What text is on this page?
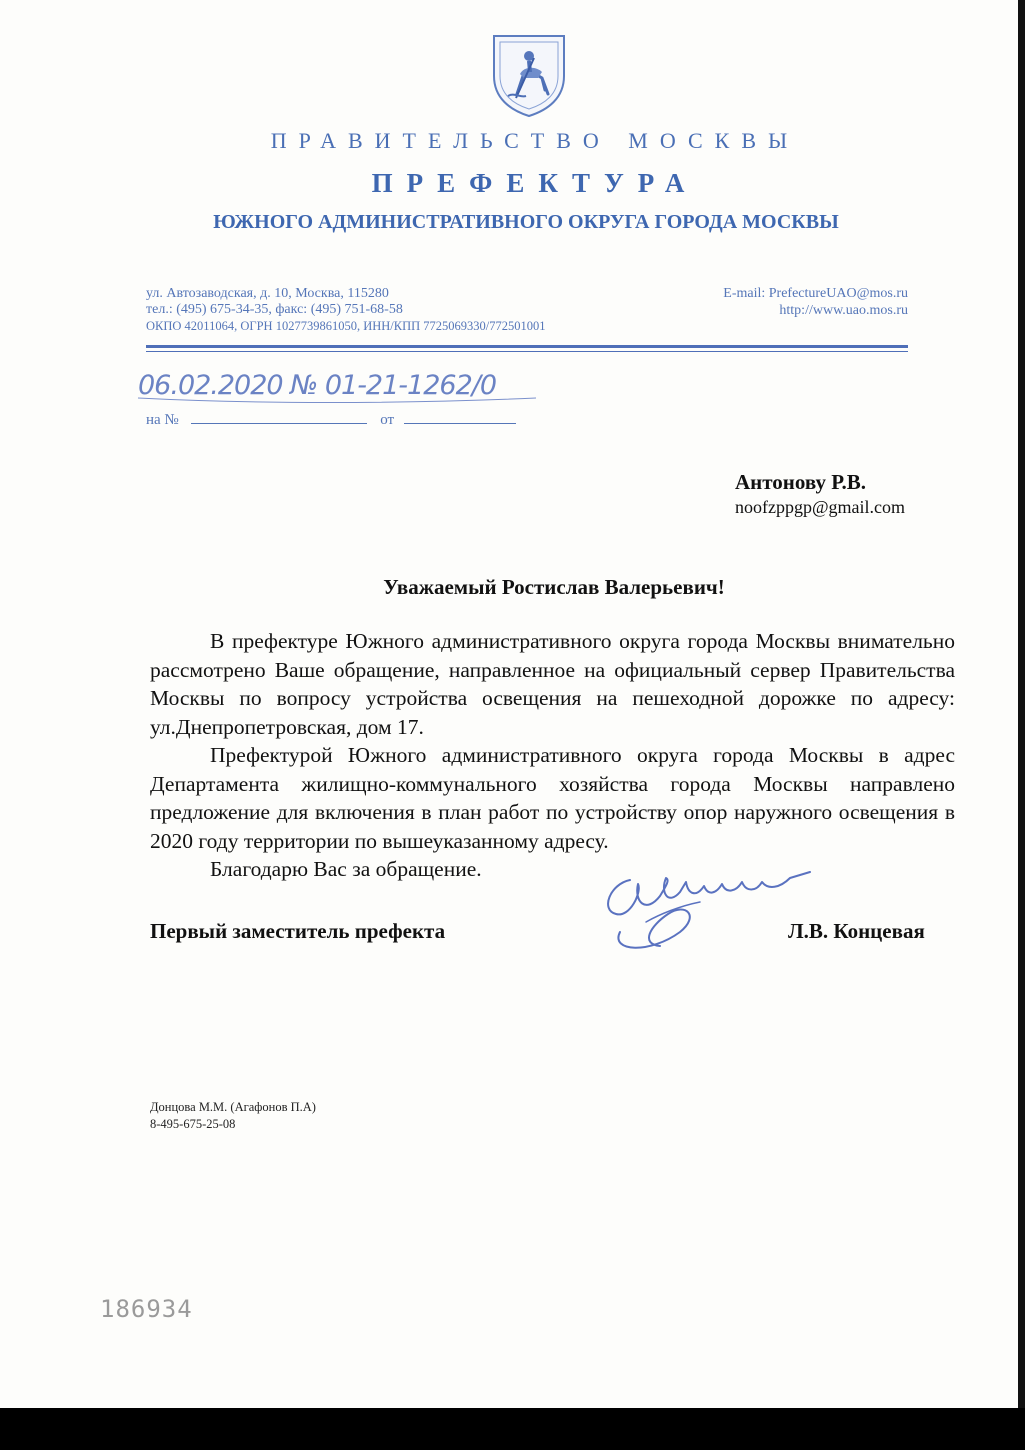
ПРАВИТЕЛЬСТВО МОСКВЫ
ПРЕФЕКТУРА
ЮЖНОГО АДМИНИСТРАТИВНОГО ОКРУГА ГОРОДА МОСКВЫ
ул. Автозаводская, д. 10, Москва, 115280
тел.: (495) 675-34-35, факс: (495) 751-68-58
ОКПО 42011064, ОГРН 1027739861050, ИНН/КПП 7725069330/772501001
E-mail: PrefectureUAO@mos.ru
http://www.uao.mos.ru
06.02.2020 № 01-21-1262/0
на №	от
Антонову Р.В.
noofzppgp@gmail.com
Уважаемый Ростислав Валерьевич!

В префектуре Южного административного округа города Москвы внимательно рассмотрено Ваше обращение, направленное на официальный сервер Правительства Москвы по вопросу устройства освещения на пешеходной дорожке по адресу: ул.Днепропетровская, дом 17.

Префектурой Южного административного округа города Москвы в адрес Департамента жилищно-коммунального хозяйства города Москвы направлено предложение для включения в план работ по устройству опор наружного освещения в 2020 году территории по вышеуказанному адресу.

Благодарю Вас за обращение.

Первый заместитель префекта	Л.В. Концевая
Донцова М.М. (Агафонов П.А)
8-495-675-25-08
186934
